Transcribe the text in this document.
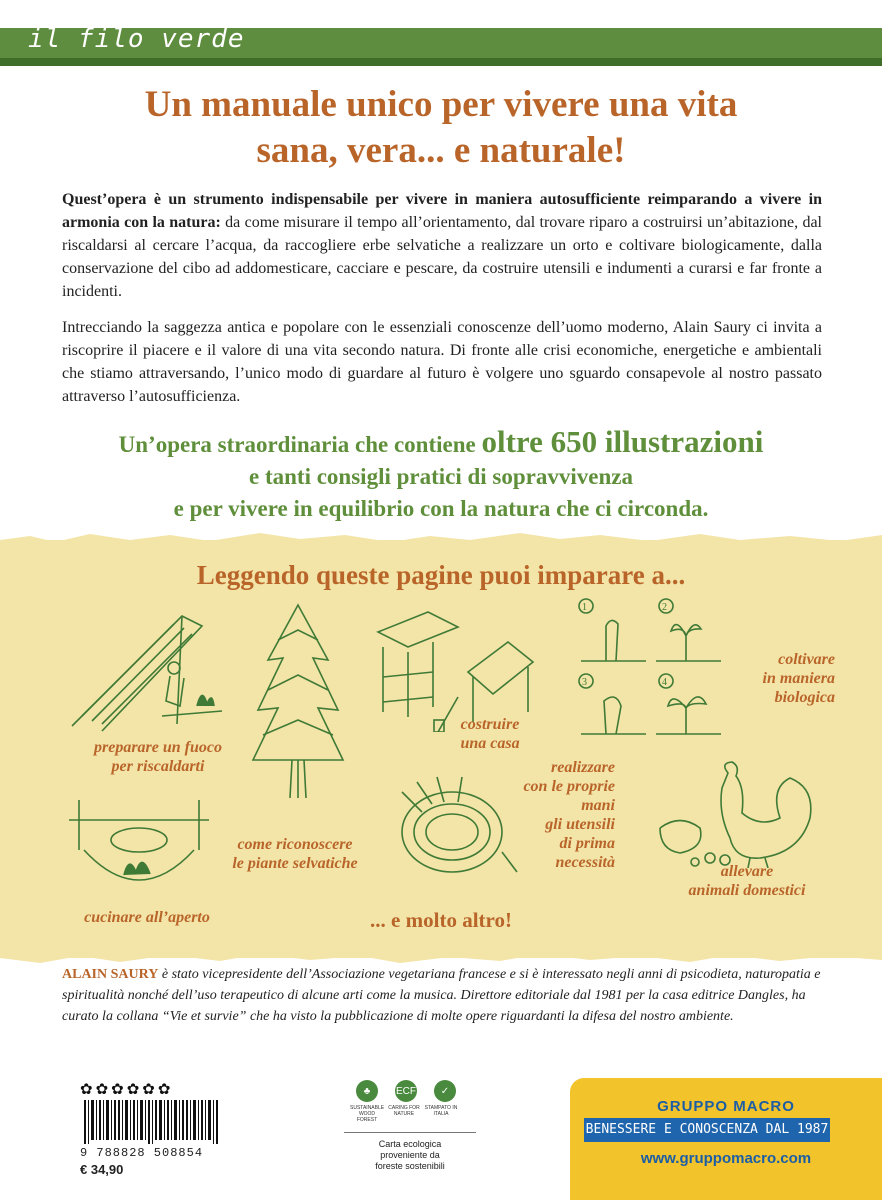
il filo verde
Un manuale unico per vivere una vita
sana, vera... e naturale!
Quest’opera è un strumento indispensabile per vivere in maniera autosufficiente reimparando a vivere in armonia con la natura: da come misurare il tempo all’orientamento, dal trovare riparo a costruirsi un’abitazione, dal riscaldarsi al cercare l’acqua, da raccogliere erbe selvatiche a realizzare un orto e coltivare biologicamente, dalla conservazione del cibo ad addomesticare, cacciare e pescare, da costruire utensili e indumenti a curarsi e far fronte a incidenti.
Intrecciando la saggezza antica e popolare con le essenziali conoscenze dell’uomo moderno, Alain Saury ci invita a riscoprire il piacere e il valore di una vita secondo natura. Di fronte alle crisi economiche, energetiche e ambientali che stiamo attraversando, l’unico modo di guardare al futuro è volgere uno sguardo consapevole al nostro passato attraverso l’autosufficienza.
Un’opera straordinaria che contiene oltre 650 illustrazioni
e tanti consigli pratici di sopravvivenza
e per vivere in equilibrio con la natura che ci circonda.
Leggendo queste pagine puoi imparare a...
1	2
3	4
preparare un fuoco
per riscaldarti
come riconoscere
le piante selvatiche
costruire
una casa
coltivare
in maniera
biologica
realizzare
con le proprie
mani
gli utensili
di prima
necessità
allevare
animali domestici
cucinare all’aperto	... e molto altro!
ALAIN SAURY è stato vicepresidente dell’Associazione vegetariana francese e si è interessato negli anni di psicodieta, naturopatia e spiritualità nonché dell’uso terapeutico di alcune arti come la musica. Direttore editoriale dal 1981 per la casa editrice Dangles, ha curato la collana “Vie et survie” che ha visto la pubblicazione di molte opere riguardanti la difesa del nostro ambiente.
✿✿✿✿✿✿
9 788828 508854
€ 34,90
♣	ECF	✓
SUSTAINABLE WOOD FOREST
CARING FOR NATURE
STAMPATO IN ITALIA
Carta ecologica
proveniente da
foreste sostenibili
GRUPPO MACRO
BENESSERE E CONOSCENZA DAL 1987
www.gruppomacro.com
